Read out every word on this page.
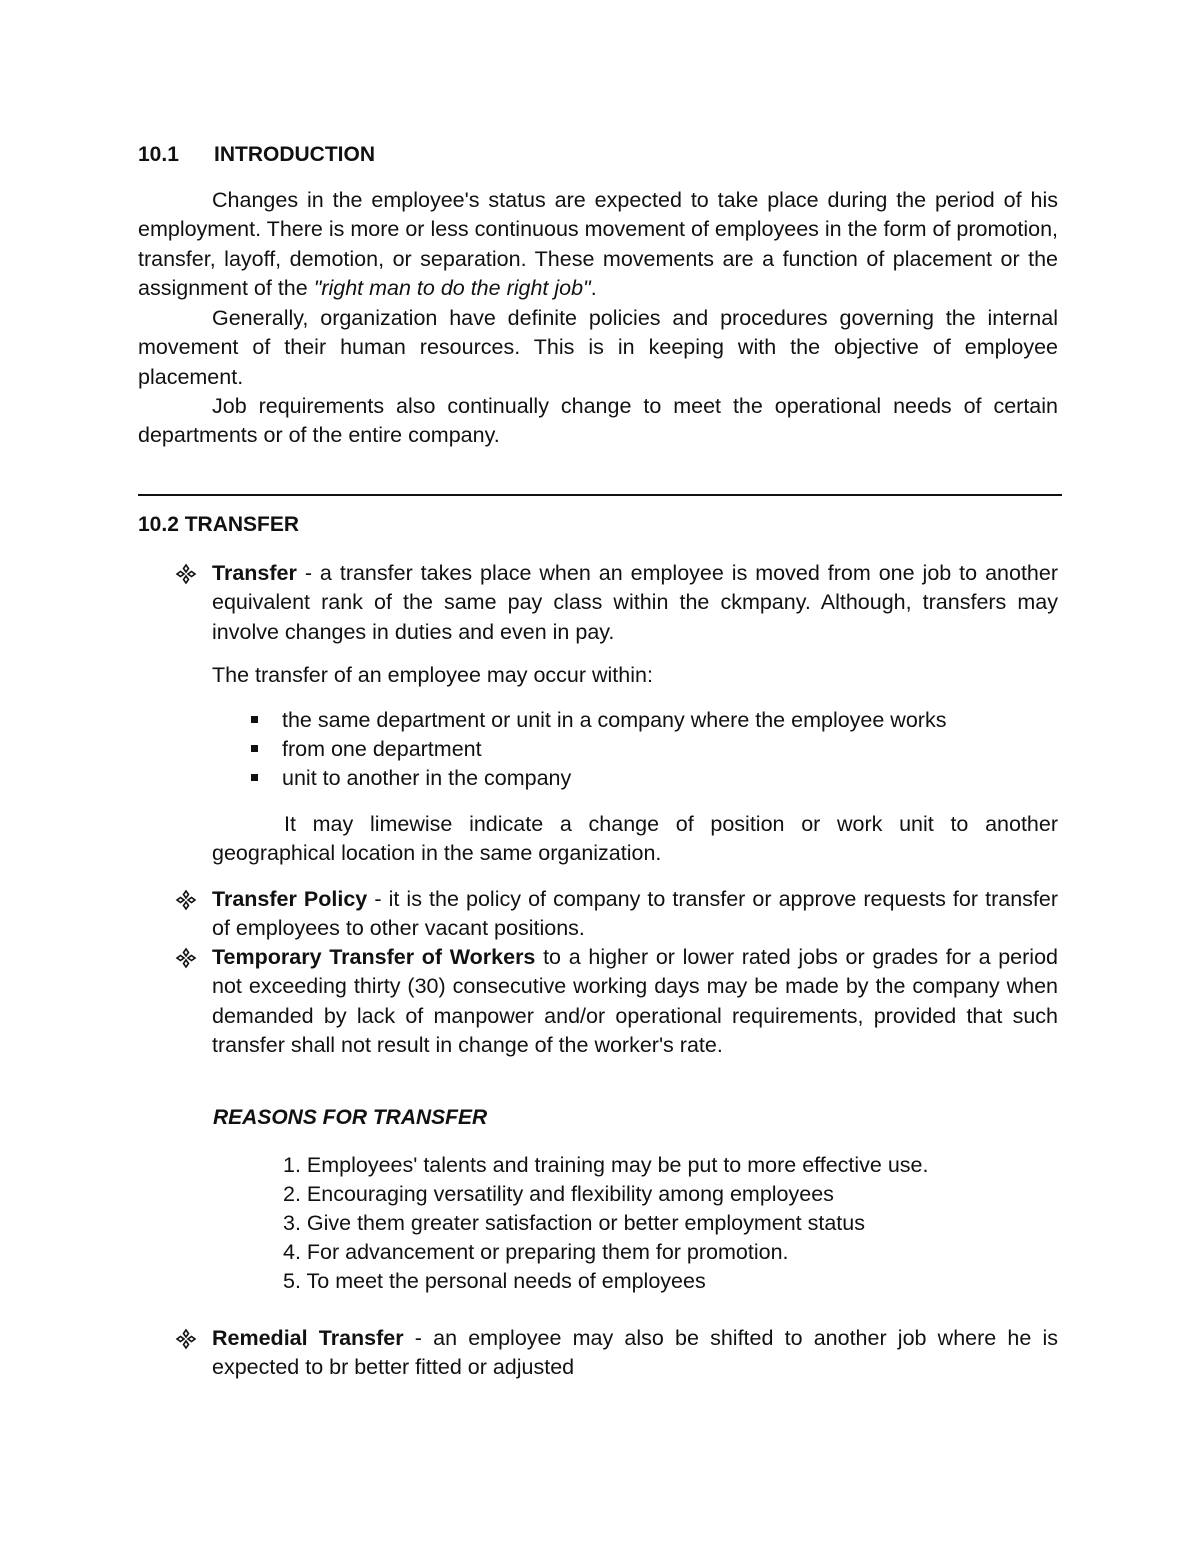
10.1 INTRODUCTION

Changes in the employee's status are expected to take place during the period of his employment. There is more or less continuous movement of employees in the form of promotion, transfer, layoff, demotion, or separation. These movements are a function of placement or the assignment of the "right man to do the right job".

Generally, organization have definite policies and procedures governing the internal movement of their human resources. This is in keeping with the objective of employee placement.

Job requirements also continually change to meet the operational needs of certain departments or of the entire company.

10.2 TRANSFER

Transfer - a transfer takes place when an employee is moved from one job to another equivalent rank of the same pay class within the ckmpany. Although, transfers may involve changes in duties and even in pay.

The transfer of an employee may occur within:

the same department or unit in a company where the employee works

from one department

unit to another in the company

It may limewise indicate a change of position or work unit to another geographical location in the same organization.

Transfer Policy - it is the policy of company to transfer or approve requests for transfer of employees to other vacant positions.

Temporary Transfer of Workers to a higher or lower rated jobs or grades for a period not exceeding thirty (30) consecutive working days may be made by the company when demanded by lack of manpower and/or operational requirements, provided that such transfer shall not result in change of the worker's rate.

REASONS FOR TRANSFER

1. Employees' talents and training may be put to more effective use.

2. Encouraging versatility and flexibility among employees

3. Give them greater satisfaction or better employment status

4. For advancement or preparing them for promotion.

5. To meet the personal needs of employees

Remedial Transfer - an employee may also be shifted to another job where he is expected to br better fitted or adjusted
